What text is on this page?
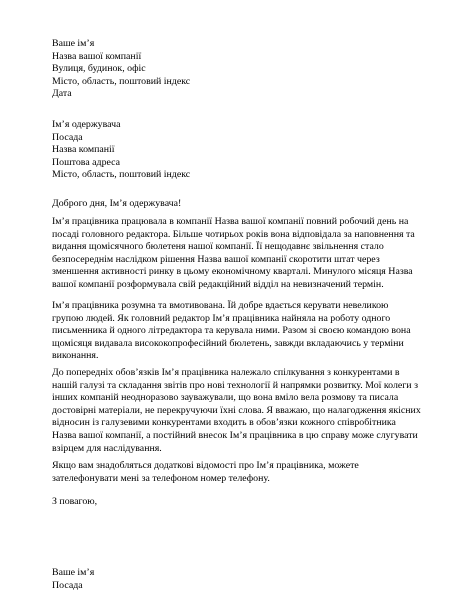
Ваше ім’я
Назва вашої компанії
Вулиця, будинок, офіс
Місто, область, поштовий індекс
Дата
Ім’я одержувача
Посада
Назва компанії
Поштова адреса
Місто, область, поштовий індекс
Доброго дня, Ім’я одержувача!
Ім’я працівника працювала в компанії Назва вашої компанії повний робочий день на
посаді головного редактора. Більше чотирьох років вона відповідала за наповнення та
видання щомісячного бюлетеня нашої компанії. Її нещодавнє звільнення стало
безпосереднім наслідком рішення Назва вашої компанії скоротити штат через
зменшення активності ринку в цьому економічному кварталі. Минулого місяця Назва
вашої компанії розформувала свій редакційний відділ на невизначений термін.
Ім’я працівника розумна та вмотивована. Їй добре вдається керувати невеликою
групою людей. Як головний редактор Ім’я працівника найняла на роботу одного
письменника й одного літредактора та керувала ними. Разом зі своєю командою вона
щомісяця видавала висококопрофесійний бюлетень, завжди вкладаючись у терміни
виконання.
До попередніх обов’язків Ім’я працівника належало спілкування з конкурентами в
нашій галузі та складання звітів про нові технології й напрямки розвитку. Мої колеги з
інших компаній неодноразово зауважували, що вона вміло вела розмову та писала
достовірні матеріали, не перекручуючи їхні слова. Я вважаю, що налагодження якісних
відносин із галузевими конкурентами входить в обов’язки кожного співробітника
Назва вашої компанії, а постійний внесок Ім’я працівника в цю справу може слугувати
взірцем для наслідування.
Якщо вам знадобляться додаткові відомості про Ім’я працівника, можете
зателефонувати мені за телефоном номер телефону.
З повагою,
Ваше ім’я
Посада
